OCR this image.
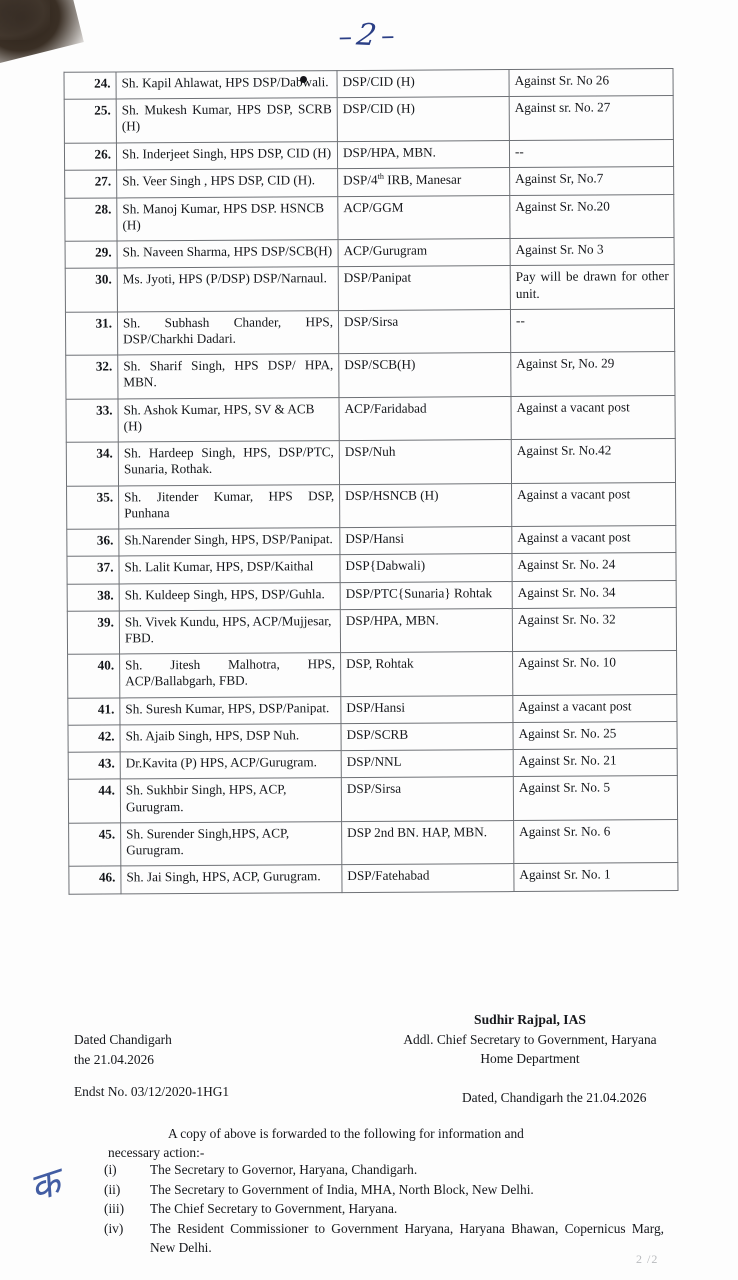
–2–
24.	Sh. Kapil Ahlawat, HPS DSP/Dabwali.	DSP/CID (H)	Against Sr. No 26
25.	Sh. Mukesh Kumar, HPS DSP, SCRB (H)	DSP/CID (H)	Against sr. No. 27
26.	Sh. Inderjeet Singh, HPS DSP, CID (H)	DSP/HPA, MBN.	--
27.	Sh. Veer Singh , HPS DSP, CID (H).	DSP/4th IRB, Manesar	Against Sr, No.7
28.	Sh. Manoj Kumar, HPS DSP. HSNCB (H)	ACP/GGM	Against Sr. No.20
29.	Sh. Naveen Sharma, HPS DSP/SCB(H)	ACP/Gurugram	Against Sr. No 3
30.	Ms. Jyoti, HPS (P/DSP) DSP/Narnaul.	DSP/Panipat	Pay will be drawn for other unit.
31.	Sh. Subhash Chander, HPS, DSP/Charkhi Dadari.	DSP/Sirsa	--
32.	Sh. Sharif Singh, HPS DSP/ HPA, MBN.	DSP/SCB(H)	Against Sr, No. 29
33.	Sh. Ashok Kumar, HPS, SV & ACB (H)	ACP/Faridabad	Against a vacant post
34.	Sh. Hardeep Singh, HPS, DSP/PTC, Sunaria, Rothak.	DSP/Nuh	Against Sr. No.42
35.	Sh. Jitender Kumar, HPS DSP, Punhana	DSP/HSNCB (H)	Against a vacant post
36.	Sh.Narender Singh, HPS, DSP/Panipat.	DSP/Hansi	Against a vacant post
37.	Sh. Lalit Kumar, HPS, DSP/Kaithal	DSP{Dabwali)	Against Sr. No. 24
38.	Sh. Kuldeep Singh, HPS, DSP/Guhla.	DSP/PTC{Sunaria} Rohtak	Against Sr. No. 34
39.	Sh. Vivek Kundu, HPS, ACP/Mujjesar, FBD.	DSP/HPA, MBN.	Against Sr. No. 32
40.	Sh. Jitesh Malhotra, HPS, ACP/Ballabgarh, FBD.	DSP, Rohtak	Against Sr. No. 10
41.	Sh. Suresh Kumar, HPS, DSP/Panipat.	DSP/Hansi	Against a vacant post
42.	Sh. Ajaib Singh, HPS, DSP Nuh.	DSP/SCRB	Against Sr. No. 25
43.	Dr.Kavita (P) HPS, ACP/Gurugram.	DSP/NNL	Against Sr. No. 21
44.	Sh. Sukhbir Singh, HPS, ACP, Gurugram.	DSP/Sirsa	Against Sr. No. 5
45.	Sh. Surender Singh,HPS, ACP, Gurugram.	DSP 2nd BN. HAP, MBN.	Against Sr. No. 6
46.	Sh. Jai Singh, HPS, ACP, Gurugram.	DSP/Fatehabad	Against Sr. No. 1
Sudhir Rajpal, IAS
Addl. Chief Secretary to Government, Haryana
Home Department
Dated Chandigarh
the 21.04.2026
Endst No. 03/12/2020-1HG1	Dated, Chandigarh the 21.04.2026
A copy of above is forwarded to the following for information and
necessary action:-
(i)	The Secretary to Governor, Haryana, Chandigarh.
(ii)	The Secretary to Government of India, MHA, North Block, New Delhi.
(iii)	The Chief Secretary to Government, Haryana.
(iv)	The Resident Commissioner to Government Haryana, Haryana Bhawan, Copernicus Marg, New Delhi.
क
2 /2
